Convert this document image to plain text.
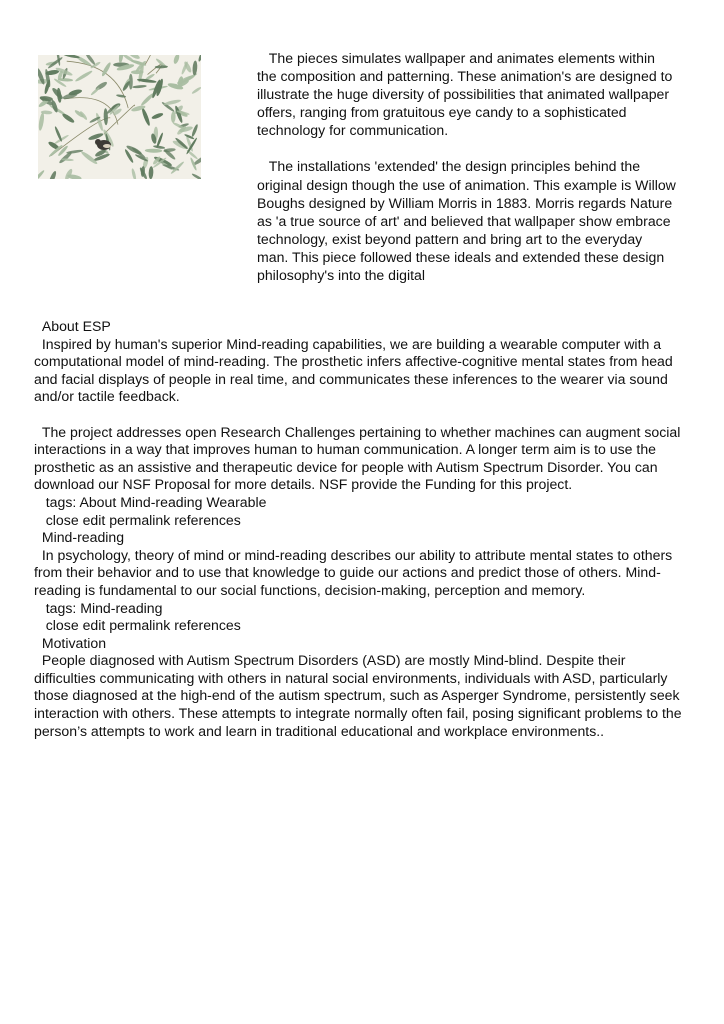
The pieces simulates wallpaper and animates elements within the composition and patterning. These animation's are designed to illustrate the huge diversity of possibilities that animated wallpaper offers, ranging from gratuitous eye candy to a sophisticated technology for communication.

The installations 'extended' the design principles behind the original design though the use of animation. This example is Willow Boughs designed by William Morris in 1883. Morris regards Nature as 'a true source of art' and believed that wallpaper show embrace technology, exist beyond pattern and bring art to the everyday man. This piece followed these ideals and extended these design philosophy's into the digital

About ESP

Inspired by human's superior Mind-reading capabilities, we are building a wearable computer with a computational model of mind-reading. The prosthetic infers affective-cognitive mental states from head and facial displays of people in real time, and communicates these inferences to the wearer via sound and/or tactile feedback.

The project addresses open Research Challenges pertaining to whether machines can augment social interactions in a way that improves human to human communication. A longer term aim is to use the prosthetic as an assistive and therapeutic device for people with Autism Spectrum Disorder. You can download our NSF Proposal for more details. NSF provide the Funding for this project.

tags: About Mind-reading Wearable

close edit permalink references

Mind-reading

In psychology, theory of mind or mind-reading describes our ability to attribute mental states to others from their behavior and to use that knowledge to guide our actions and predict those of others. Mind-reading is fundamental to our social functions, decision-making, perception and memory.

tags: Mind-reading

close edit permalink references

Motivation

People diagnosed with Autism Spectrum Disorders (ASD) are mostly Mind-blind. Despite their difficulties communicating with others in natural social environments, individuals with ASD, particularly those diagnosed at the high-end of the autism spectrum, such as Asperger Syndrome, persistently seek interaction with others. These attempts to integrate normally often fail, posing significant problems to the person’s attempts to work and learn in traditional educational and workplace environments..
